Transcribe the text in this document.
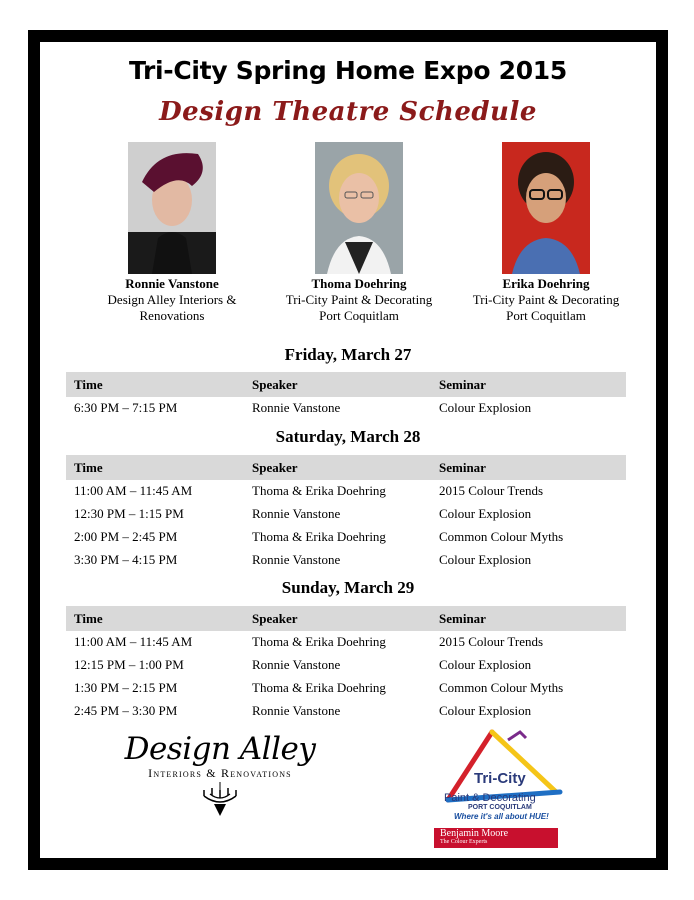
Tri-City Spring Home Expo 2015
Design Theatre Schedule
Ronnie Vanstone
Design Alley Interiors &
Renovations
Thoma Doehring
Tri-City Paint & Decorating
Port Coquitlam
Erika Doehring
Tri-City Paint & Decorating
Port Coquitlam
Friday, March 27
Time	Speaker	Seminar
6:30 PM – 7:15 PM	Ronnie Vanstone	Colour Explosion
Saturday, March 28
Time	Speaker	Seminar
11:00 AM – 11:45 AM	Thoma & Erika Doehring	2015 Colour Trends
12:30 PM – 1:15 PM	Ronnie Vanstone	Colour Explosion
2:00 PM – 2:45 PM	Thoma & Erika Doehring	Common Colour Myths
3:30 PM – 4:15 PM	Ronnie Vanstone	Colour Explosion
Sunday, March 29
Time	Speaker	Seminar
11:00 AM – 11:45 AM	Thoma & Erika Doehring	2015 Colour Trends
12:15 PM – 1:00 PM	Ronnie Vanstone	Colour Explosion
1:30 PM – 2:15 PM	Thoma & Erika Doehring	Common Colour Myths
2:45 PM – 3:30 PM	Ronnie Vanstone	Colour Explosion
Design Alley
Interiors & Renovations	Tri-City
Paint & Decorating
PORT COQUITLAM
Where it's all about HUE!
Benjamin Moore
The Colour Experts
